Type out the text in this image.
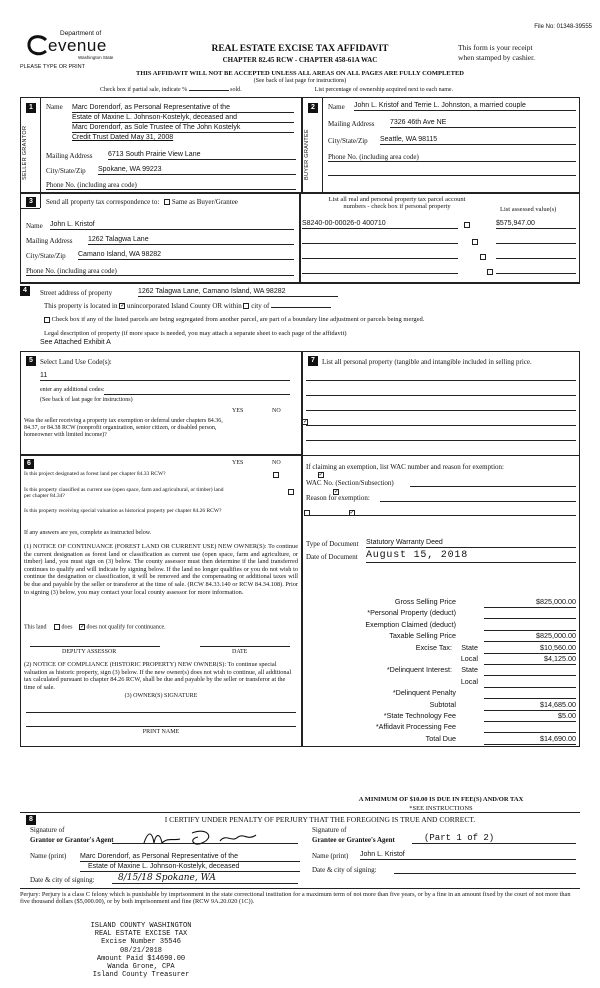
File No: 01348-39555
Department of
evenue
Washington State
PLEASE TYPE OR PRINT
REAL ESTATE EXCISE TAX AFFIDAVIT
CHAPTER 82.45 RCW - CHAPTER 458-61A WAC
This form is your receipt
when stamped by cashier.
THIS AFFIDAVIT WILL NOT BE ACCEPTED UNLESS ALL AREAS ON ALL PAGES ARE FULLY COMPLETED
(See back of last page for instructions)
Check box if partial sale, indicate %	sold.	List percentage of ownership acquired next to each name.
1
SELLER GRANTOR
Name Marc Dorendorf, as Personal Representative of the
Estate of Maxine L. Johnson-Kostelyk, deceased and
Marc Dorendorf, as Sole Trustee of The John Kostelyk
Credit Trust Dated May 31, 2008
Mailing Address 6713 South Prairie View Lane
City/State/Zip Spokane, WA 99223
Phone No. (including area code)
2
BUYER GRANTEE
Name John L. Kristof and Terrie L. Johnston, a married couple
Mailing Address 7326 46th Ave NE
City/State/Zip Seattle, WA 98115
Phone No. (including area code)
3	Send all property tax correspondence to: Same as Buyer/Grantee
Name John L. Kristof
Mailing Address 1262 Talagwa Lane
City/State/Zip Camano Island, WA 98282
Phone No. (including area code)
List all real and personal property tax parcel account
numbers - check box if personal property	List assessed value(s)
S8240-00-00026-0 400710
	$575,947.00

4	Street address of property	1262 Talagwa Lane, Camano Island, WA 98282
This property is located in ✓ unincorporated Island County OR within city of
Check box if any of the listed parcels are being segregated from another parcel, are part of a boundary line adjustment or parcels being merged.
Legal description of property (if more space is needed, you may attach a separate sheet to each page of the affidavit)
See Attached Exhibit A
5	Select Land Use Code(s):
11
enter any additional codes:
(See back of last page for instructions)
YES	NO
Was the seller receiving a property tax exemption or deferral under chapters 84.36, 84.37, or 84.38 RCW (nonprofit organization, senior citizen, or disabled person, homeowner with limited income)?
✓
6	YES	NO
Is this project designated as forest land per chapter 84.33 RCW?	✓
Is this property classified as current use (open space, farm and agricultural, or timber) land per chapter 84.34?
✓
Is this property receiving special valuation as historical property per chapter 84.26 RCW?	✓
If any answers are yes, complete as instructed below.
(1) NOTICE OF CONTINUANCE (FOREST LAND OR CURRENT USE) NEW OWNER(S): To continue the current designation as forest land or classification as current use (open space, farm and agriculture, or timber) land, you must sign on (3) below. The county assessor must then determine if the land transferred continues to qualify and will indicate by signing below. If the land no longer qualifies or you do not wish to continue the designation or classification, it will be removed and the compensating or additional taxes will be due and payable by the seller or transferor at the time of sale. (RCW 84.33.140 or RCW 84.34.108). Prior to signing (3) below, you may contact your local county assessor for more information.
This land	does ✓ does not qualify for continuance.
DEPUTY ASSESSOR	DATE
(2) NOTICE OF COMPLIANCE (HISTORIC PROPERTY) NEW OWNER(S): To continue special valuation as historic property, sign (3) below. If the new owner(s) does not wish to continue, all additional tax calculated pursuant to chapter 84.26 RCW, shall be due and payable by the seller or transferor at the time of sale.
(3) OWNER(S) SIGNATURE
PRINT NAME
7	List all personal property (tangible and intangible included in selling price.
If claiming an exemption, list WAC number and reason for exemption:
WAC No. (Section/Subsection)
Reason for exemption:
Type of Document Statutory Warranty Deed
Date of Document August 15, 2018
Gross Selling Price	$825,000.00
*Personal Property (deduct)
Exemption Claimed (deduct)
Taxable Selling Price	$825,000.00
Excise Tax: State	$10,560.00
Local	$4,125.00
*Delinquent Interest: State
Local
*Delinquent Penalty
Subtotal	$14,685.00
*State Technology Fee	$5.00
*Affidavit Processing Fee
Total Due	$14,690.00
A MINIMUM OF $10.00 IS DUE IN FEE(S) AND/OR TAX
*SEE INSTRUCTIONS
8	I CERTIFY UNDER PENALTY OF PERJURY THAT THE FOREGOING IS TRUE AND CORRECT.
Signature of
Grantor or Grantor's Agent
Name (print) Marc Dorendorf, as Personal Representative of the
Estate of Maxine L. Johnson-Kostelyk, deceased
Date & city of signing:	8/15/18 Spokane, WA
Signature of
Grantee or Grantee's Agent	(Part 1 of 2)
Name (print) John L. Kristof
Date & city of signing:
Perjury: Perjury is a class C felony which is punishable by imprisonment in the state correctional institution for a maximum term of not more than five years, or by a fine in an amount fixed by the court of not more than five thousand dollars ($5,000.00), or by both imprisonment and fine (RCW 9A.20.020 (1C)).
ISLAND COUNTY WASHINGTON
REAL ESTATE EXCISE TAX
Excise Number 35546
08/21/2018
Amount Paid $14690.00
Wanda Grone, CPA
Island County Treasurer
